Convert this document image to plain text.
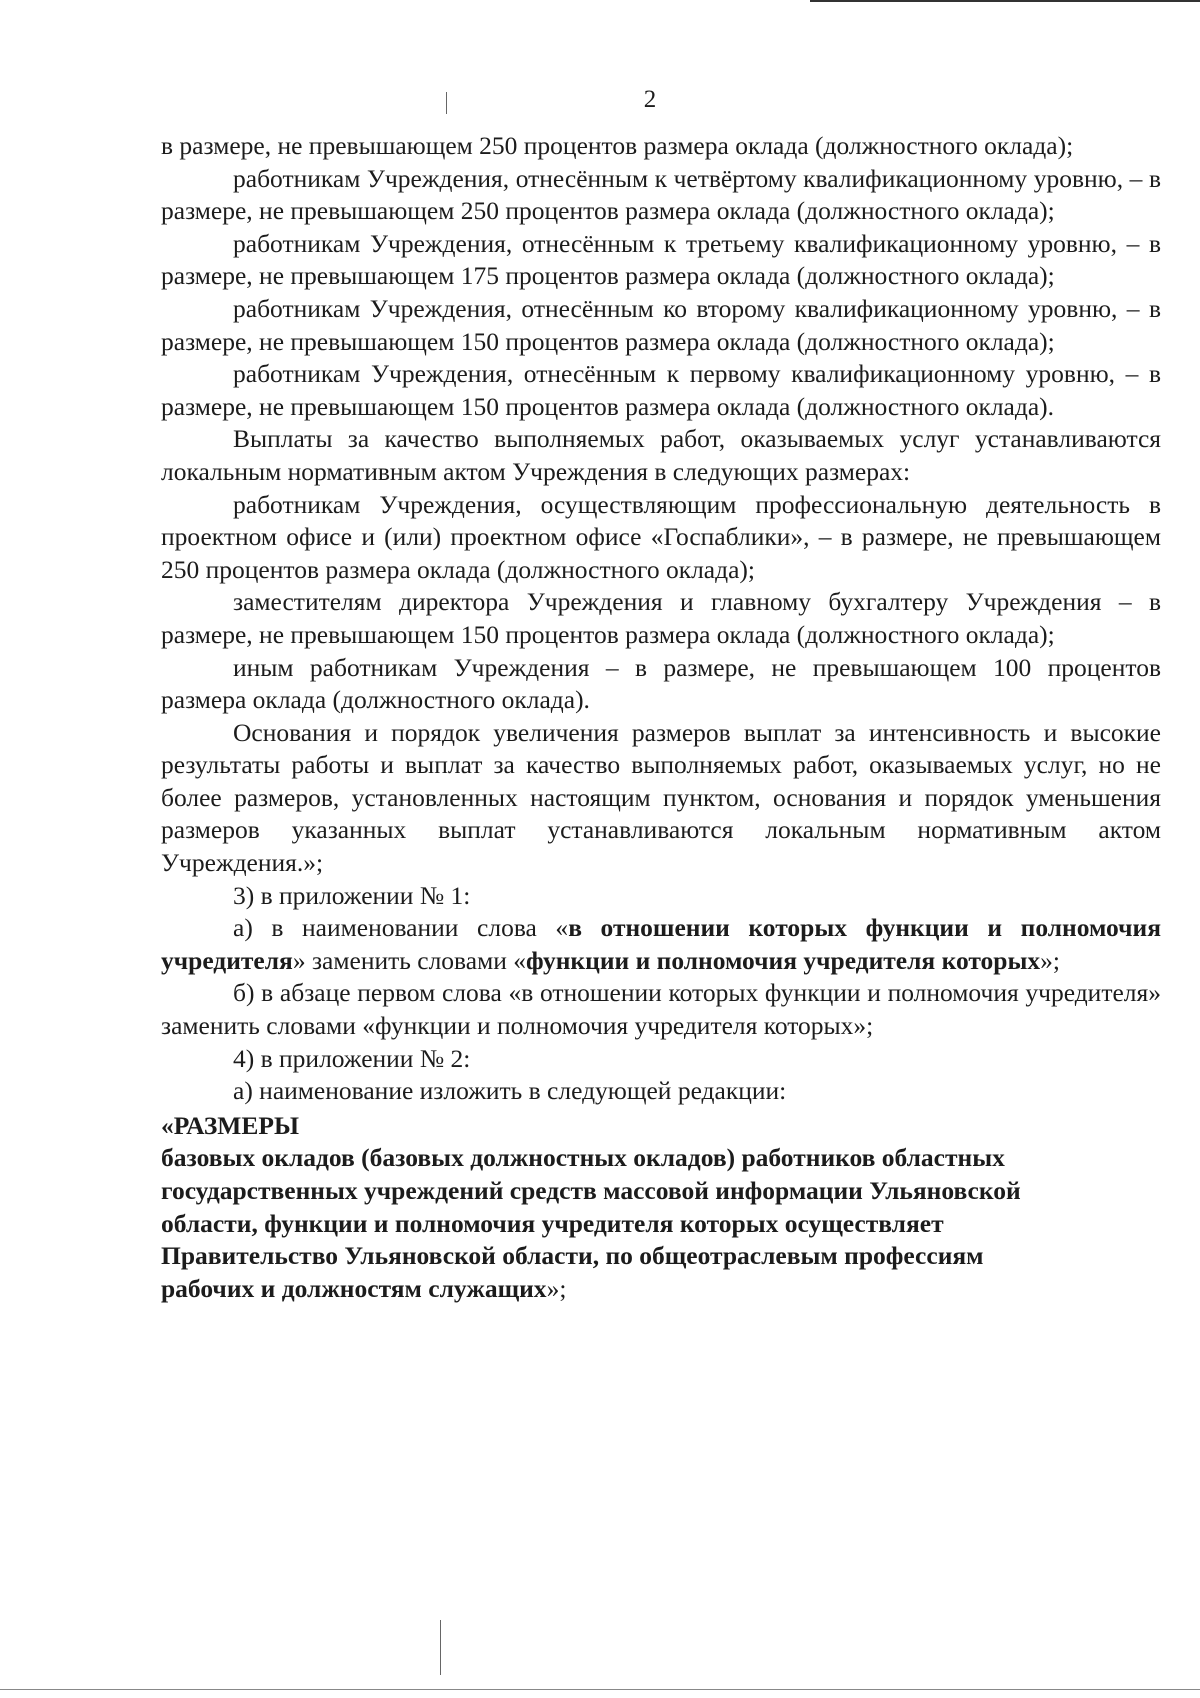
2

в размере, не превышающем 250 процентов размера оклада (должностного оклада);

работникам Учреждения, отнесённым к четвёртому квалификационному уровню, – в размере, не превышающем 250 процентов размера оклада (должностного оклада);

работникам Учреждения, отнесённым к третьему квалификационному уровню, – в размере, не превышающем 175 процентов размера оклада (должностного оклада);

работникам Учреждения, отнесённым ко второму квалификационному уровню, – в размере, не превышающем 150 процентов размера оклада (должностного оклада);

работникам Учреждения, отнесённым к первому квалификационному уровню, – в размере, не превышающем 150 процентов размера оклада (должностного оклада).

Выплаты за качество выполняемых работ, оказываемых услуг устанавливаются локальным нормативным актом Учреждения в следующих размерах:

работникам Учреждения, осуществляющим профессиональную деятельность в проектном офисе и (или) проектном офисе «Госпаблики», – в размере, не превышающем 250 процентов размера оклада (должностного оклада);

заместителям директора Учреждения и главному бухгалтеру Учреждения – в размере, не превышающем 150 процентов размера оклада (должностного оклада);

иным работникам Учреждения – в размере, не превышающем 100 процентов размера оклада (должностного оклада).

Основания и порядок увеличения размеров выплат за интенсивность и высокие результаты работы и выплат за качество выполняемых работ, оказываемых услуг, но не более размеров, установленных настоящим пунктом, основания и порядок уменьшения размеров указанных выплат устанавливаются локальным нормативным актом Учреждения.»;

3) в приложении № 1:

а) в наименовании слова «в отношении которых функции и полномочия учредителя» заменить словами «функции и полномочия учредителя которых»;

б) в абзаце первом слова «в отношении которых функции и полномочия учредителя» заменить словами «функции и полномочия учредителя которых»;

4) в приложении № 2:

а) наименование изложить в следующей редакции:

«РАЗМЕРЫ

базовых окладов (базовых должностных окладов) работников областных

государственных учреждений средств массовой информации Ульяновской

области, функции и полномочия учредителя которых осуществляет

Правительство Ульяновской области, по общеотраслевым профессиям

рабочих и должностям служащих»;
